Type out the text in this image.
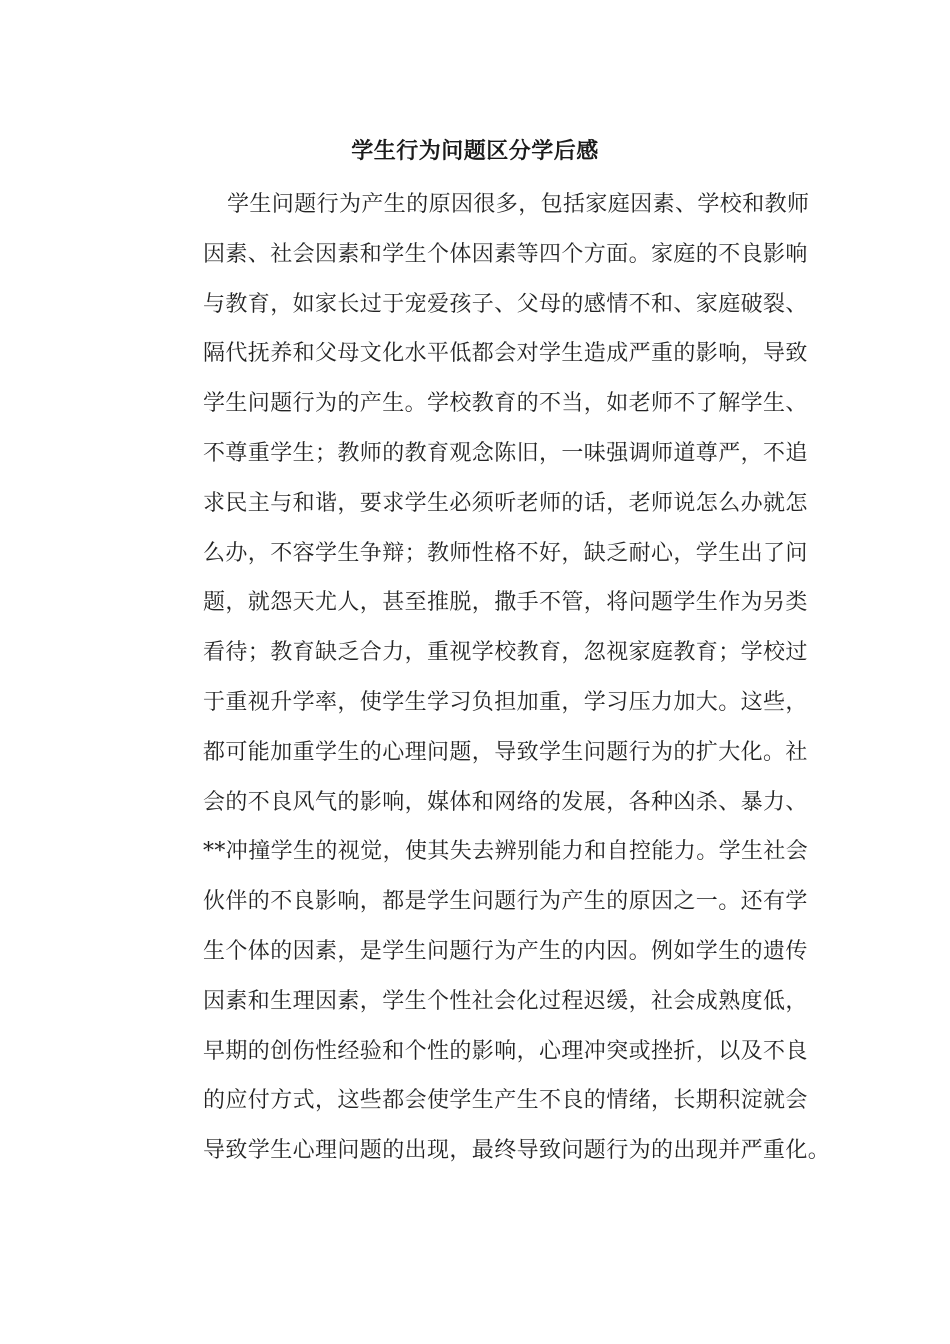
学生行为问题区分学后感
学生问题行为产生的原因很多，包括家庭因素、学校和教师
因素、社会因素和学生个体因素等四个方面。家庭的不良影响
与教育，如家长过于宠爱孩子、父母的感情不和、家庭破裂、
隔代抚养和父母文化水平低都会对学生造成严重的影响，导致
学生问题行为的产生。学校教育的不当，如老师不了解学生、
不尊重学生；教师的教育观念陈旧，一味强调师道尊严，不追
求民主与和谐，要求学生必须听老师的话，老师说怎么办就怎
么办，不容学生争辩；教师性格不好，缺乏耐心，学生出了问
题，就怨天尤人，甚至推脱，撒手不管，将问题学生作为另类
看待；教育缺乏合力，重视学校教育，忽视家庭教育；学校过
于重视升学率，使学生学习负担加重，学习压力加大。这些，
都可能加重学生的心理问题，导致学生问题行为的扩大化。社
会的不良风气的影响，媒体和网络的发展，各种凶杀、暴力、
**冲撞学生的视觉，使其失去辨别能力和自控能力。学生社会
伙伴的不良影响，都是学生问题行为产生的原因之一。还有学
生个体的因素，是学生问题行为产生的内因。例如学生的遗传
因素和生理因素，学生个性社会化过程迟缓，社会成熟度低，
早期的创伤性经验和个性的影响，心理冲突或挫折，以及不良
的应付方式，这些都会使学生产生不良的情绪，长期积淀就会
导致学生心理问题的出现，最终导致问题行为的出现并严重化。
